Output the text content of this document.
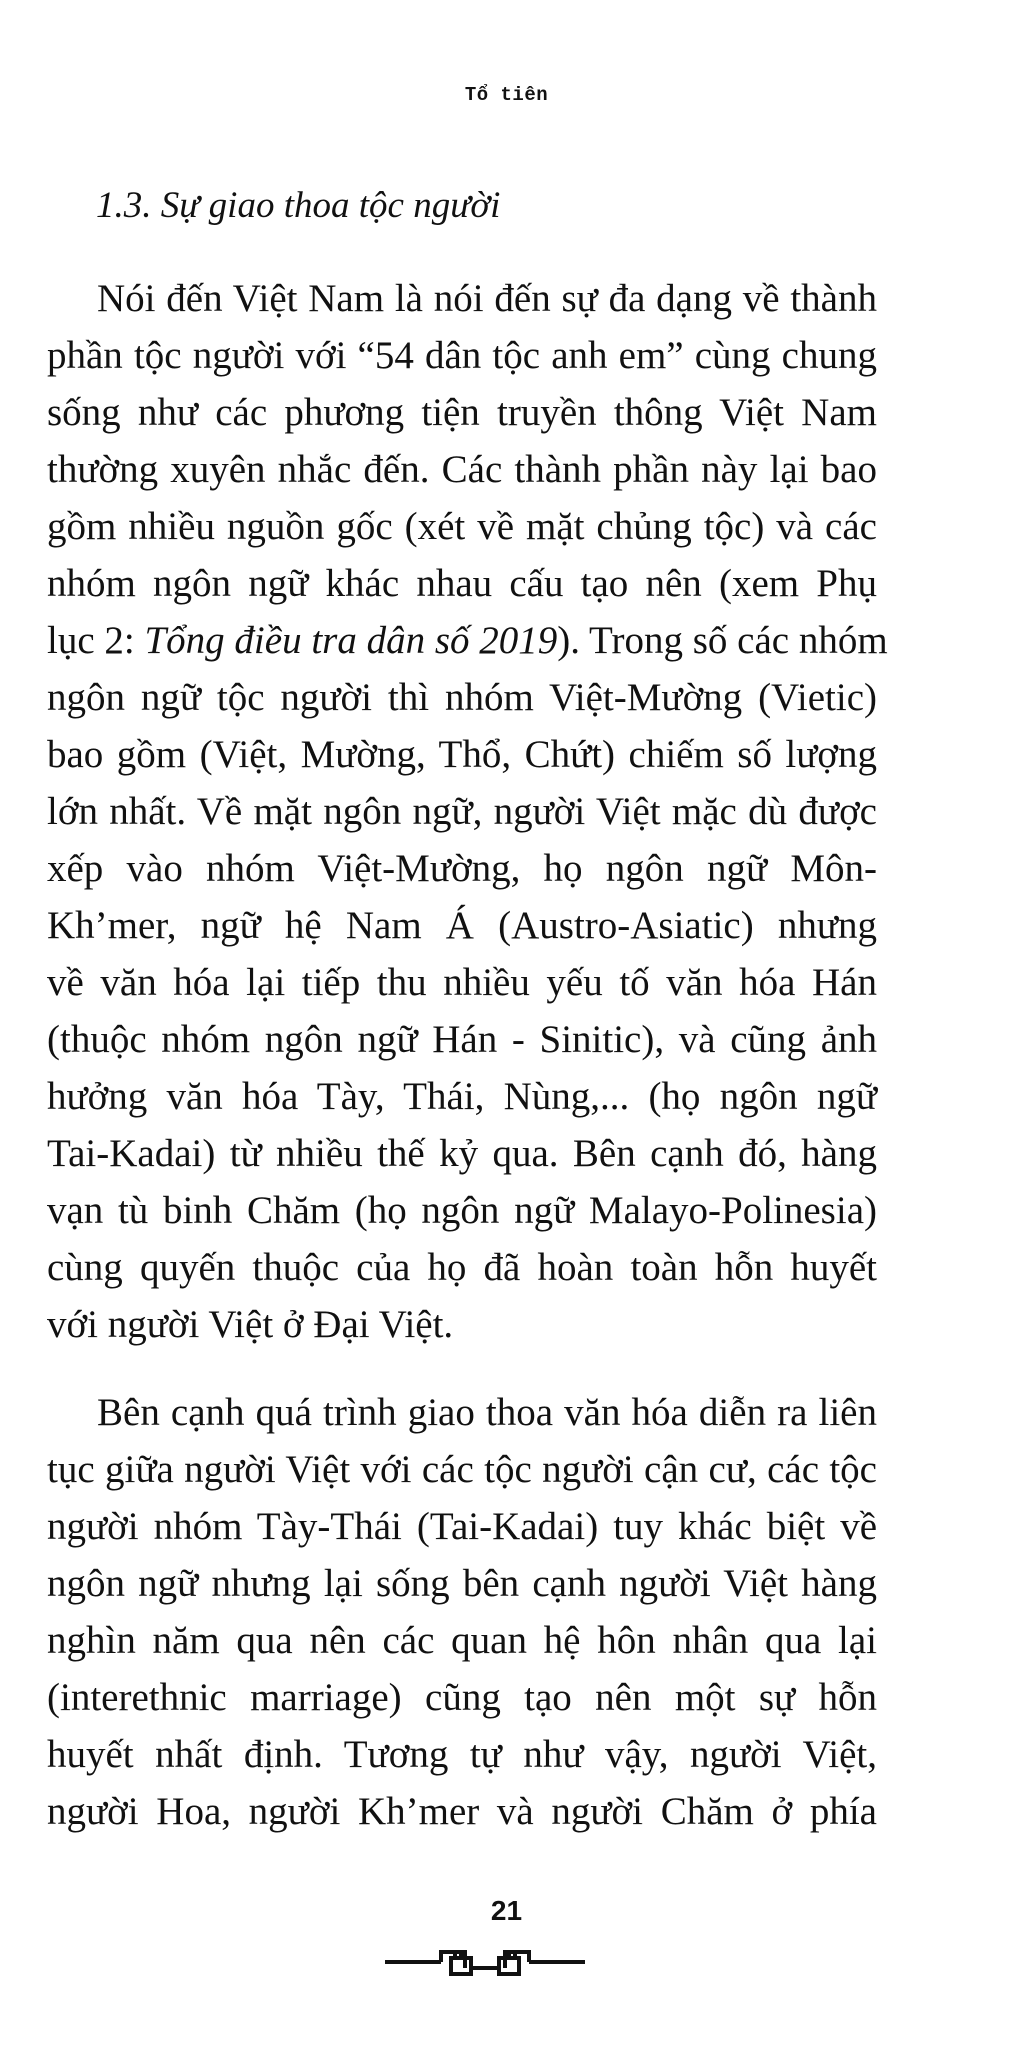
Tổ tiên
1.3. Sự giao thoa tộc người
Nói đến Việt Nam là nói đến sự đa dạng về thành
phần tộc người với “54 dân tộc anh em” cùng chung
sống như các phương tiện truyền thông Việt Nam
thường xuyên nhắc đến. Các thành phần này lại bao
gồm nhiều nguồn gốc (xét về mặt chủng tộc) và các
nhóm ngôn ngữ khác nhau cấu tạo nên (xem Phụ
lục 2: Tổng điều tra dân số 2019). Trong số các nhóm
ngôn ngữ tộc người thì nhóm Việt-Mường (Vietic)
bao gồm (Việt, Mường, Thổ, Chứt) chiếm số lượng
lớn nhất. Về mặt ngôn ngữ, người Việt mặc dù được
xếp vào nhóm Việt-Mường, họ ngôn ngữ Môn-
Kh’mer, ngữ hệ Nam Á (Austro-Asiatic) nhưng
về văn hóa lại tiếp thu nhiều yếu tố văn hóa Hán
(thuộc nhóm ngôn ngữ Hán - Sinitic), và cũng ảnh
hưởng văn hóa Tày, Thái, Nùng,... (họ ngôn ngữ
Tai-Kadai) từ nhiều thế kỷ qua. Bên cạnh đó, hàng
vạn tù binh Chăm (họ ngôn ngữ Malayo-Polinesia)
cùng quyến thuộc của họ đã hoàn toàn hỗn huyết
với người Việt ở Đại Việt.
Bên cạnh quá trình giao thoa văn hóa diễn ra liên
tục giữa người Việt với các tộc người cận cư, các tộc
người nhóm Tày-Thái (Tai-Kadai) tuy khác biệt về
ngôn ngữ nhưng lại sống bên cạnh người Việt hàng
nghìn năm qua nên các quan hệ hôn nhân qua lại
(interethnic marriage) cũng tạo nên một sự hỗn
huyết nhất định. Tương tự như vậy, người Việt,
người Hoa, người Kh’mer và người Chăm ở phía
21
